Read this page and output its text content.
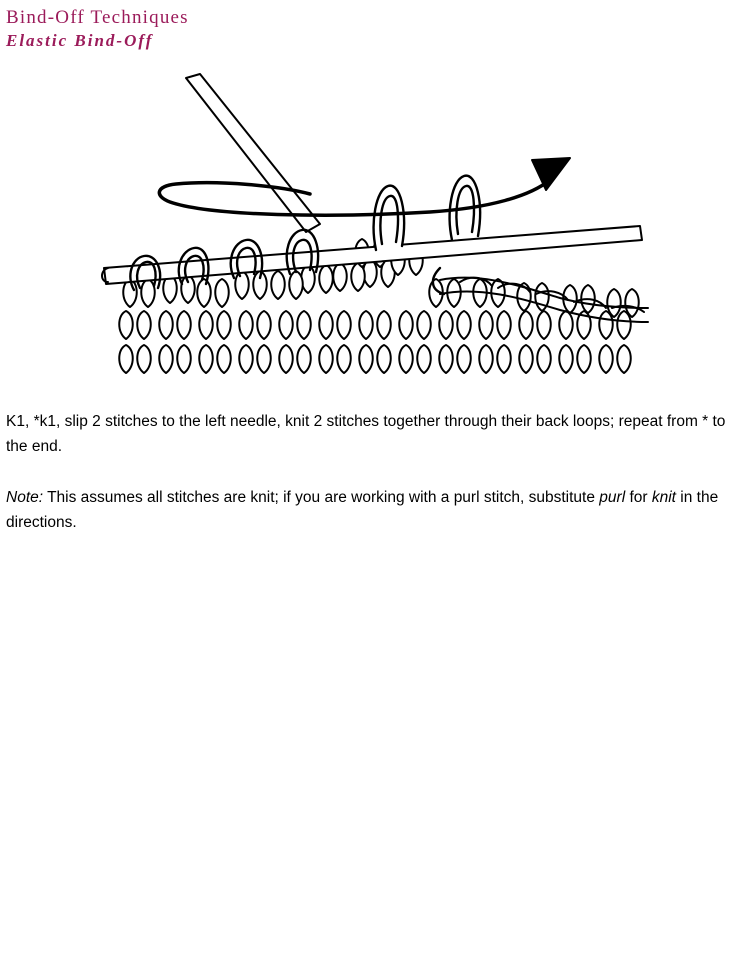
Bind-Off Techniques
Elastic Bind-Off

K1, *k1, slip 2 stitches to the left needle, knit 2 stitches together through their back loops; repeat from * to the end.

Note: This assumes all stitches are knit; if you are working with a purl stitch, substitute purl for knit in the directions.
